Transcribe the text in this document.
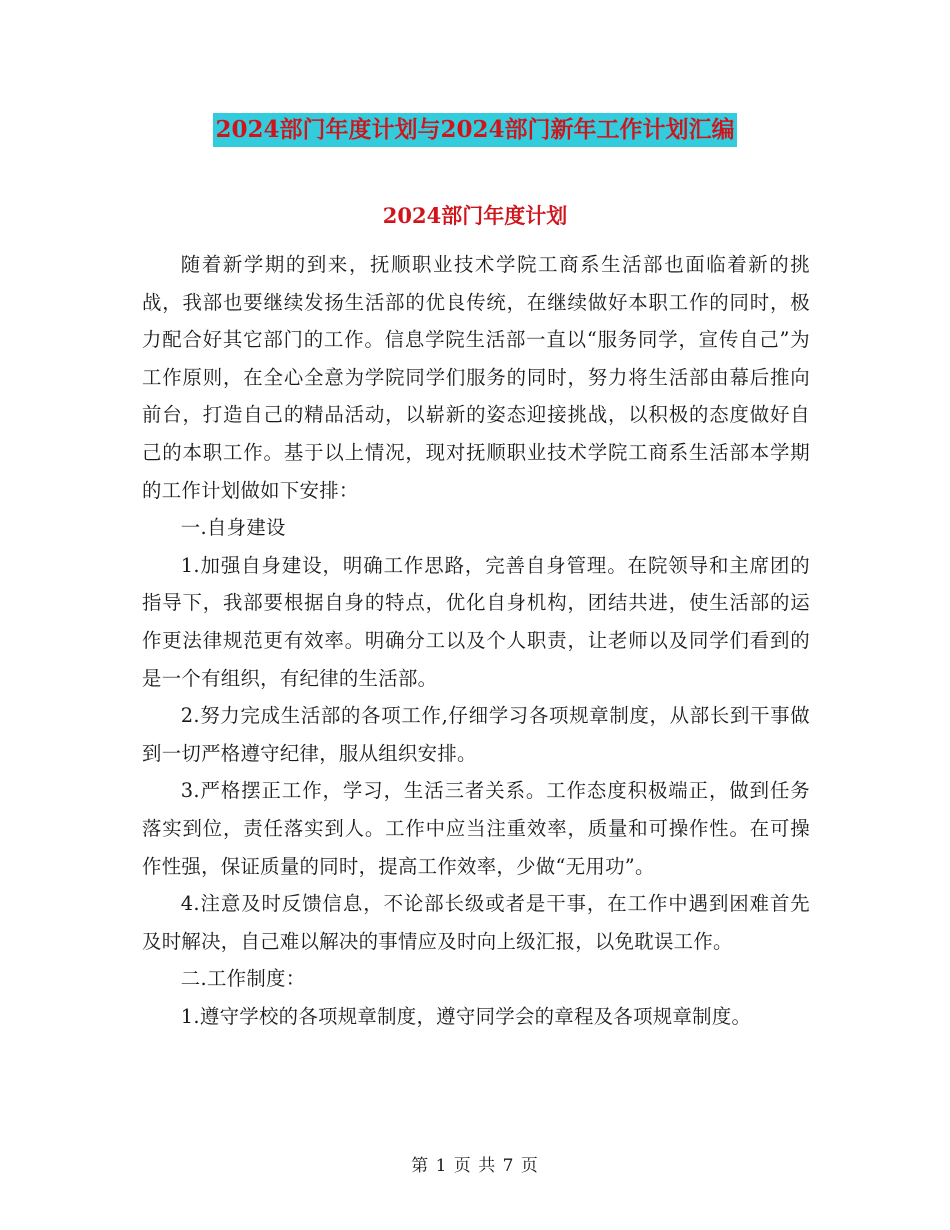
2024部门年度计划与2024部门新年工作计划汇编
2024部门年度计划

随着新学期的到来，抚顺职业技术学院工商系生活部也面临着新的挑战，我部也要继续发扬生活部的优良传统，在继续做好本职工作的同时，极力配合好其它部门的工作。信息学院生活部一直以“服务同学，宣传自己”为工作原则，在全心全意为学院同学们服务的同时，努力将生活部由幕后推向前台，打造自己的精品活动，以崭新的姿态迎接挑战，以积极的态度做好自己的本职工作。基于以上情况，现对抚顺职业技术学院工商系生活部本学期的工作计划做如下安排：

一.自身建设

1.加强自身建设，明确工作思路，完善自身管理。在院领导和主席团的指导下，我部要根据自身的特点，优化自身机构，团结共进，使生活部的运作更法律规范更有效率。明确分工以及个人职责，让老师以及同学们看到的是一个有组织，有纪律的生活部。

2.努力完成生活部的各项工作,仔细学习各项规章制度，从部长到干事做到一切严格遵守纪律，服从组织安排。

3.严格摆正工作，学习，生活三者关系。工作态度积极端正，做到任务落实到位，责任落实到人。工作中应当注重效率，质量和可操作性。在可操作性强，保证质量的同时，提高工作效率，少做“无用功”。

4.注意及时反馈信息，不论部长级或者是干事，在工作中遇到困难首先及时解决，自己难以解决的事情应及时向上级汇报，以免耽误工作。

二.工作制度：

1.遵守学校的各项规章制度，遵守同学会的章程及各项规章制度。

第 1 页 共 7 页
